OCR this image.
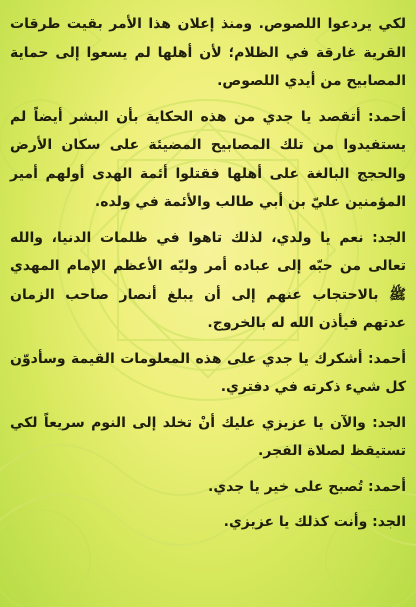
لكي يردعوا اللصوص. ومنذ إعلان هذا الأمر بقيت طرقات القرية غارقة في الظلام؛ لأن أهلها لم يسعوا إلى حماية المصابيح من أيدي اللصوص.

أحمد: أتقصد يا جدي من هذه الحكاية بأن البشر أيضاً لم يستفيدوا من تلك المصابيح المضيئة على سكان الأرض والحجج البالغة على أهلها فقتلوا أئمة الهدى أولهم أمير المؤمنين عليّ بن أبي طالب والأئمة في ولده.

الجد: نعم يا ولدي، لذلك تاهوا في ظلمات الدنيا، والله تعالى من حبّه إلى عباده أمر وليّه الأعظم الإمام المهدي ﷺ بالاحتجاب عنهم إلى أن يبلغ أنصار صاحب الزمان عدتهم فيأذن الله له بالخروج.

أحمد: أشكرك يا جدي على هذه المعلومات القيمة وسأدوّن كل شيء ذكرته في دفتري.

الجد: والآن يا عزيزي عليك أنْ تخلد إلى النوم سريعاً لكي تستيقظ لصلاة الفجر.

أحمد: تُصبح على خير يا جدي.

الجد: وأنت كذلك يا عزيزي.
